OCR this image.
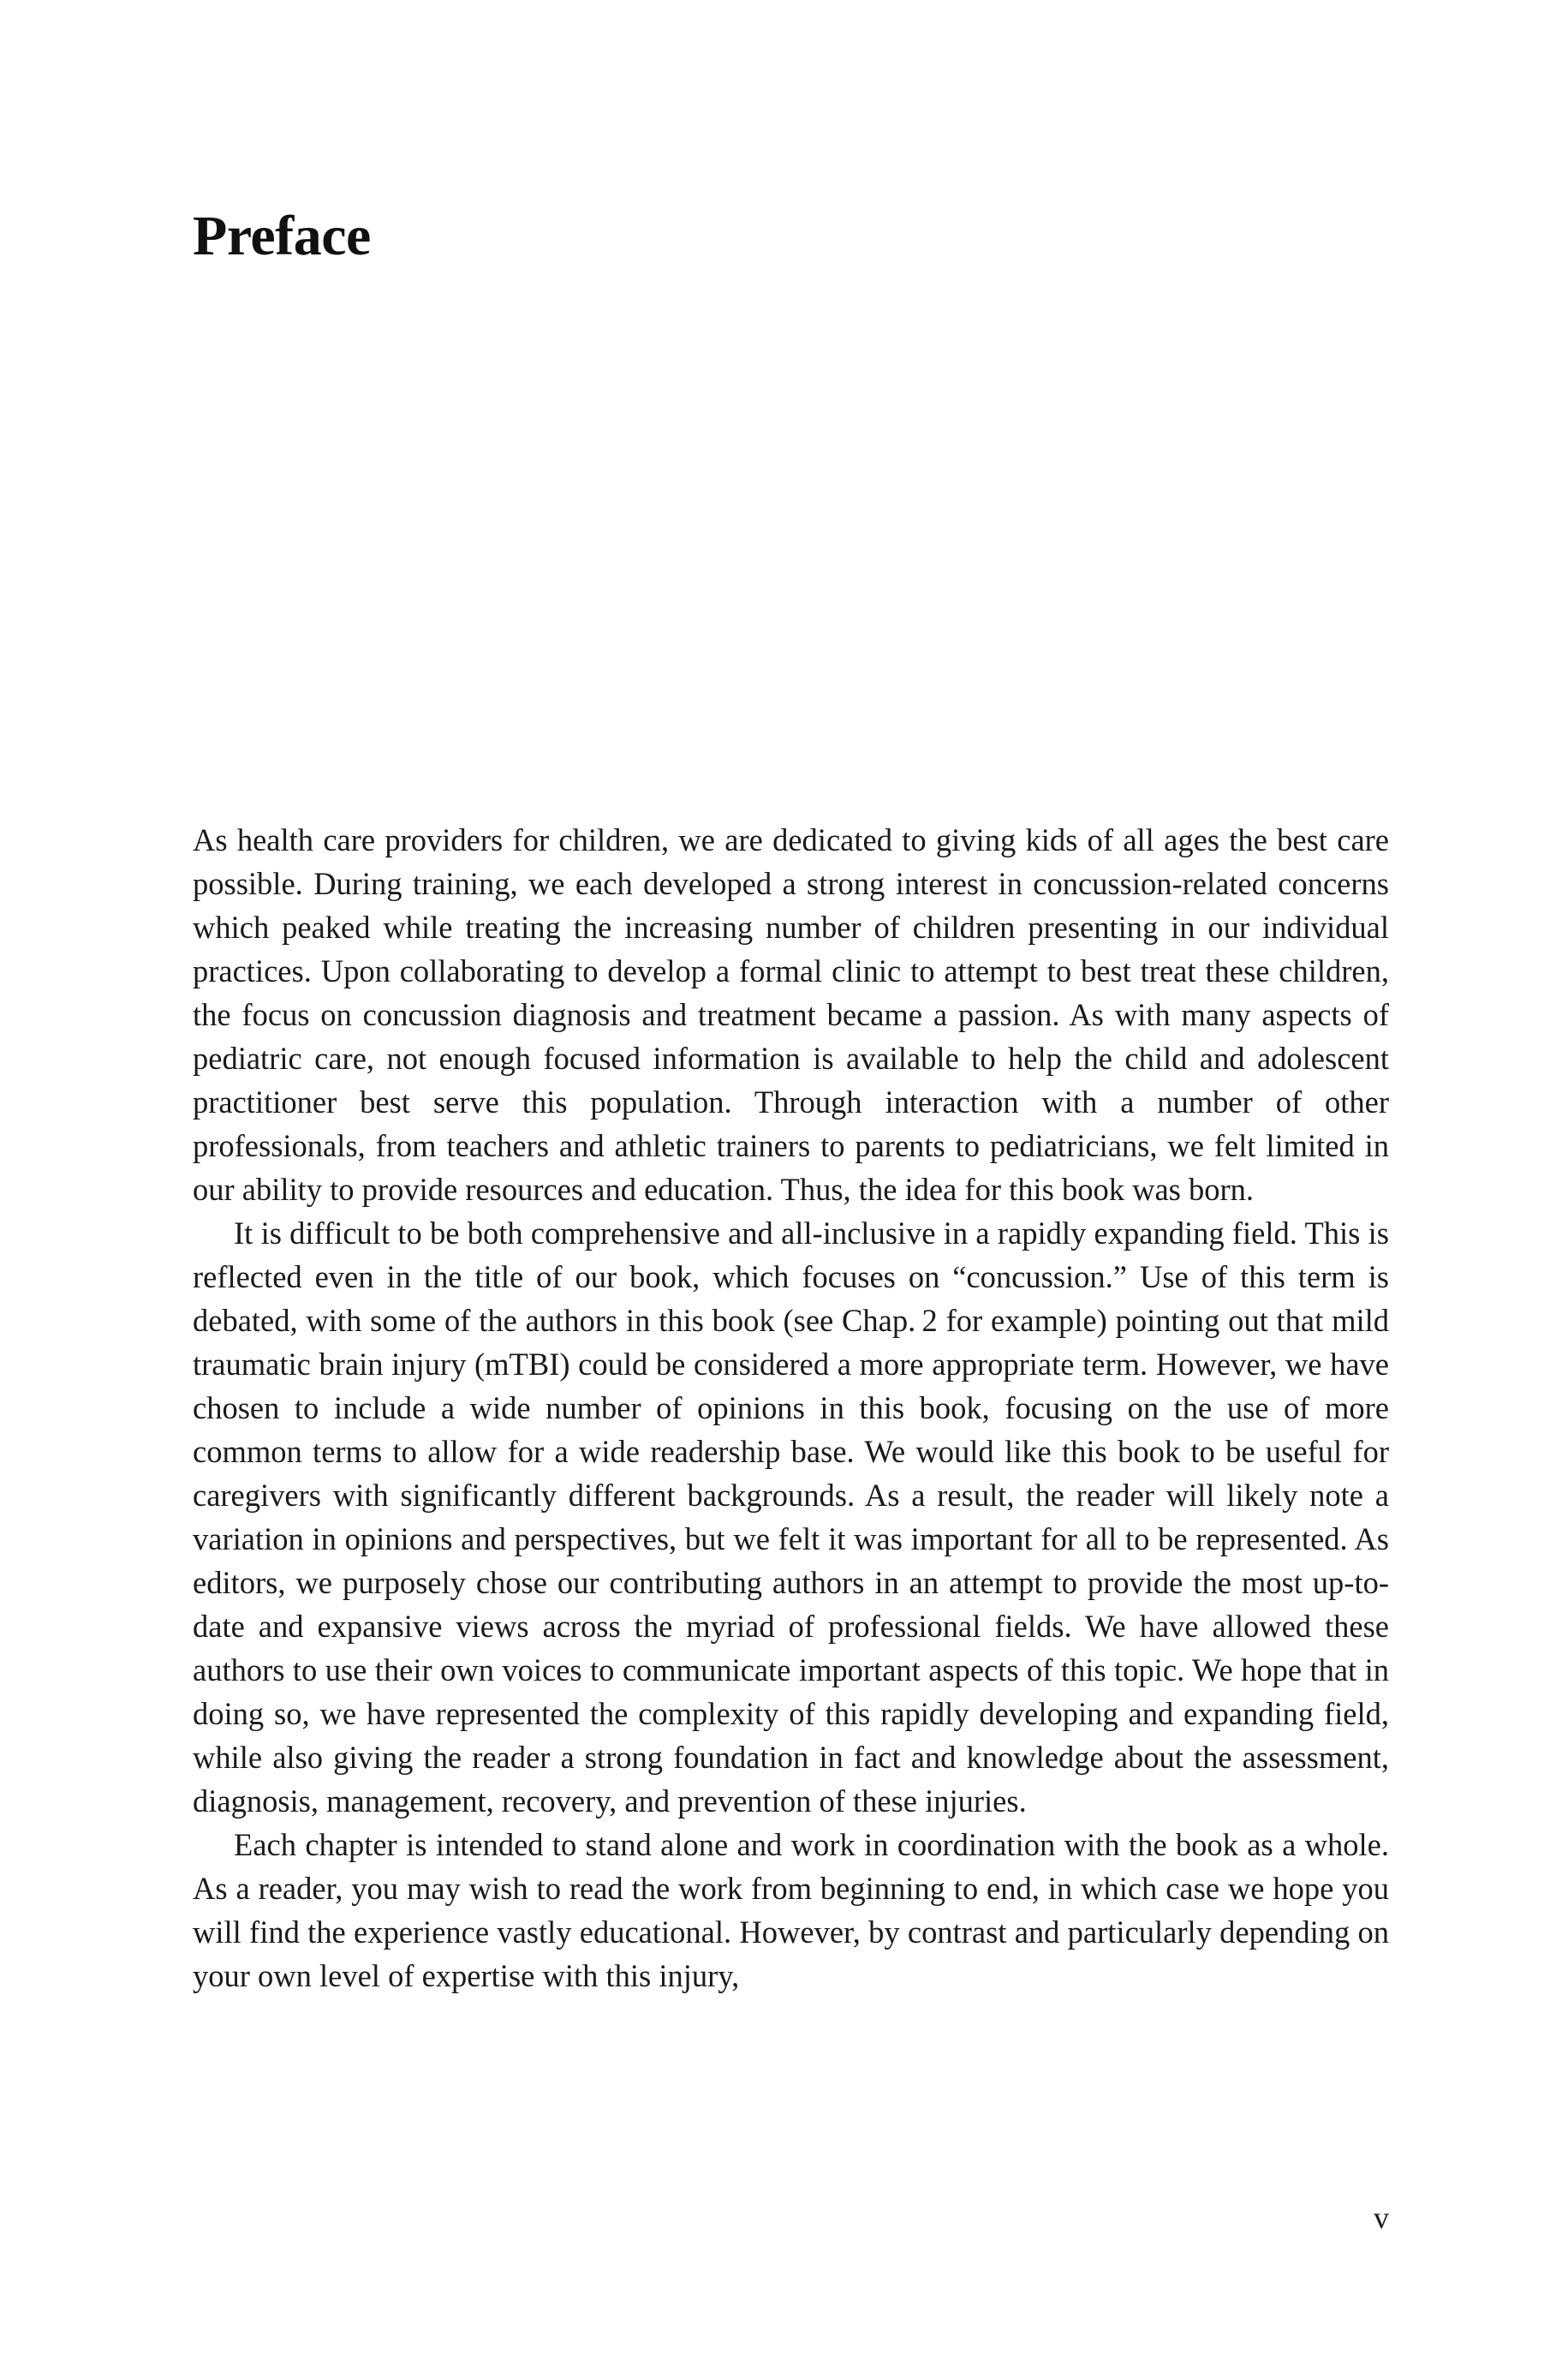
Preface

As health care providers for children, we are dedicated to giving kids of all ages the best care possible. During training, we each developed a strong interest in concussion-related concerns which peaked while treating the increasing number of children presenting in our individual practices. Upon collaborating to develop a formal clinic to attempt to best treat these children, the focus on concussion diagnosis and treatment became a passion. As with many aspects of pediatric care, not enough focused information is available to help the child and adolescent practitioner best serve this population. Through interaction with a number of other professionals, from teachers and athletic trainers to parents to pediatricians, we felt limited in our ability to provide resources and education. Thus, the idea for this book was born.

It is difficult to be both comprehensive and all-inclusive in a rapidly expanding field. This is reflected even in the title of our book, which focuses on “concussion.” Use of this term is debated, with some of the authors in this book (see Chap. 2 for example) pointing out that mild traumatic brain injury (mTBI) could be considered a more appropriate term. However, we have chosen to include a wide number of opinions in this book, focusing on the use of more common terms to allow for a wide readership base. We would like this book to be useful for caregivers with significantly different backgrounds. As a result, the reader will likely note a variation in opinions and perspectives, but we felt it was important for all to be represented. As editors, we purposely chose our contributing authors in an attempt to provide the most up-to-date and expansive views across the myriad of professional fields. We have allowed these authors to use their own voices to communicate important aspects of this topic. We hope that in doing so, we have represented the complexity of this rapidly developing and expanding field, while also giving the reader a strong foundation in fact and knowledge about the assessment, diagnosis, management, recovery, and prevention of these injuries.

Each chapter is intended to stand alone and work in coordination with the book as a whole. As a reader, you may wish to read the work from beginning to end, in which case we hope you will find the experience vastly educational. However, by contrast and particularly depending on your own level of expertise with this injury,

v
